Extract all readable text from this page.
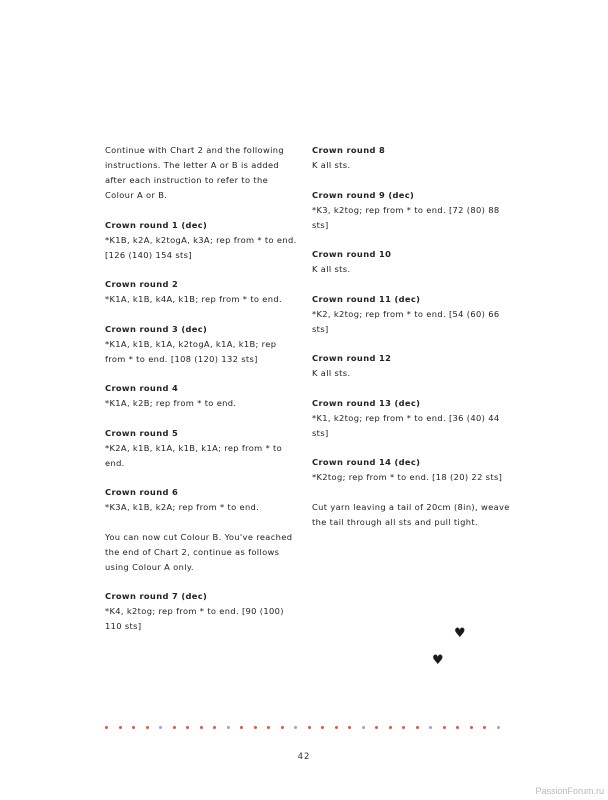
Continue with Chart 2 and the following instructions. The letter A or B is added after each instruction to refer to the Colour A or B.

Crown round 1 (dec)
*K1B, k2A, k2togA, k3A; rep from * to end. [126 (140) 154 sts]
Crown round 2
*K1A, k1B, k4A, k1B; rep from * to end.
Crown round 3 (dec)
*K1A, k1B, k1A, k2togA, k1A, k1B; rep from * to end. [108 (120) 132 sts]
Crown round 4
*K1A, k2B; rep from * to end.
Crown round 5
*K2A, k1B, k1A, k1B, k1A; rep from * to end.
Crown round 6
*K3A, k1B, k2A; rep from * to end.

You can now cut Colour B. You've reached the end of Chart 2, continue as follows using Colour A only.

Crown round 7 (dec)
*K4, k2tog; rep from * to end. [90 (100) 110 sts]
Crown round 8
K all sts.
Crown round 9 (dec)
*K3, k2tog; rep from * to end. [72 (80) 88 sts]
Crown round 10
K all sts.
Crown round 11 (dec)
*K2, k2tog; rep from * to end. [54 (60) 66 sts]
Crown round 12
K all sts.
Crown round 13 (dec)
*K1, k2tog; rep from * to end. [36 (40) 44 sts]
Crown round 14 (dec)
*K2tog; rep from * to end. [18 (20) 22 sts]

Cut yarn leaving a tail of 20cm (8in), weave the tail through all sts and pull tight.

♥
♥
42
PassionForum.ru
